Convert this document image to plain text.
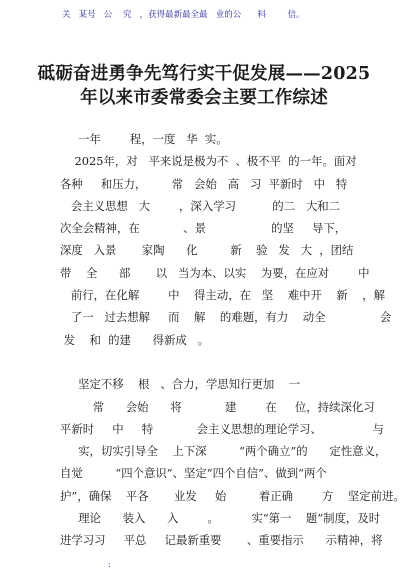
关   某号   公    究   ，获得最新最全最   业的公      料        信。
砥砺奋进勇争先笃行实干促发展——2025
年以来市委常委会主要工作综述
一年        程，一度   华  实。
2025年，对   平来说是极为不  、极不平  的一年。面对
各种     和压力，       常   会始   高   习  平新时   中   特
会主义思想   大        ，深入学习          的二   大和二
次全会精神，在            、景                  的坚     导下，
深度   入景       家陶      化         新    验   发   大  ，团结
带    全      部       以   当为本、以实    为要，在应对        中
前行，在化解        中    得主动，在   坚    难中开    新    ，解
了一   过去想解     而    解    的难题，有力    动全               会
发    和  的建      得新成   。
坚定不移    根   、合力，学思知行更加    一
常      会始      将            建        在     位，持续深化习
平新时     中     特            会主义思想的理论学习、              与
实，切实引导全    上下深         “两个确立”的      定性意义，
自觉         “四个意识”、坚定“四个自信”、做到“两个
护”，确保    平各       业发     始         着正确        方    坚定前进。
理论      装入      入        。         实“第一    题”制度，及时
进学习习     平总     记最新重要       、重要指示      示精神，将
:
